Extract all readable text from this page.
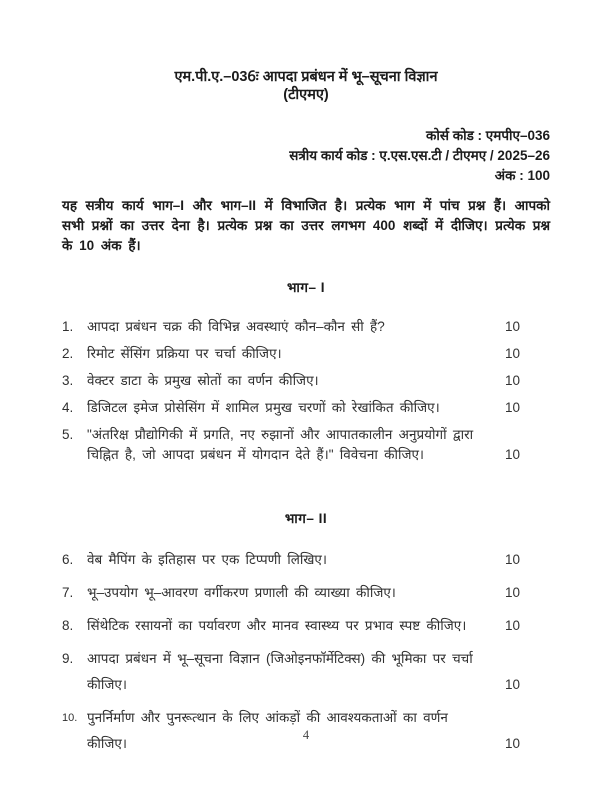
एम.पी.ए.–036ः आपदा प्रबंधन में भू–सूचना विज्ञान
(टीएमए)
कोर्स कोड : एमपीए–036
सत्रीय कार्य कोड : ए.एस.एस.टी / टीएमए / 2025–26
अंक : 100
यह सत्रीय कार्य भाग–I और भाग–II में विभाजित है। प्रत्येक भाग में पांच प्रश्न हैं। आपको सभी प्रश्नों का उत्तर देना है। प्रत्येक प्रश्न का उत्तर लगभग 400 शब्दों में दीजिए। प्रत्येक प्रश्न के 10 अंक हैं।
भाग– I
1.	आपदा प्रबंधन चक्र की विभिन्न अवस्थाएं कौन–कौन सी हैं?	10
2.	रिमोट सेंसिंग प्रक्रिया पर चर्चा कीजिए।	10
3.	वेक्टर डाटा के प्रमुख स्रोतों का वर्णन कीजिए।	10
4.	डिजिटल इमेज प्रोसेसिंग में शामिल प्रमुख चरणों को रेखांकित कीजिए।	10
5.	"अंतरिक्ष प्रौद्योगिकी में प्रगति, नए रुझानों और आपातकालीन अनुप्रयोगों द्वारा चिह्नित है, जो आपदा प्रबंधन में योगदान देते हैं।" विवेचना कीजिए।	10
भाग– II
6.	वेब मैपिंग के इतिहास पर एक टिप्पणी लिखिए।	10
7.	भू–उपयोग भू–आवरण वर्गीकरण प्रणाली की व्याख्या कीजिए।	10
8.	सिंथेटिक रसायनों का पर्यावरण और मानव स्वास्थ्य पर प्रभाव स्पष्ट कीजिए।	10
9.	आपदा प्रबंधन में भू–सूचना विज्ञान (जिओइनफॉर्मेटिक्स) की भूमिका पर चर्चा कीजिए।	10
10. पुनर्निर्माण और पुनरूत्थान के लिए आंकड़ों की आवश्यकताओं का वर्णन कीजिए।	10
4
